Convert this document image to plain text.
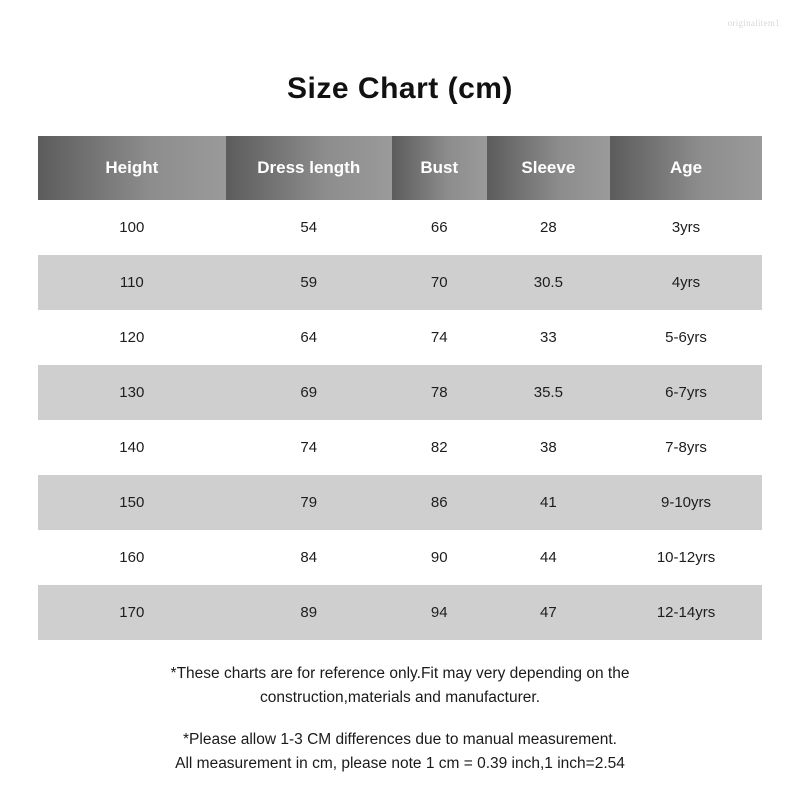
originalitem1
Size Chart (cm)
Height	Dress length	Bust	Sleeve	Age
100	54	66	28	3yrs
110	59	70	30.5	4yrs
120	64	74	33	5-6yrs
130	69	78	35.5	6-7yrs
140	74	82	38	7-8yrs
150	79	86	41	9-10yrs
160	84	90	44	10-12yrs
170	89	94	47	12-14yrs

*These charts are for reference only.Fit may very depending on the

construction,materials and manufacturer.

*Please allow 1-3 CM differences due to manual measurement.

All measurement in cm, please note 1 cm = 0.39 inch,1 inch=2.54
